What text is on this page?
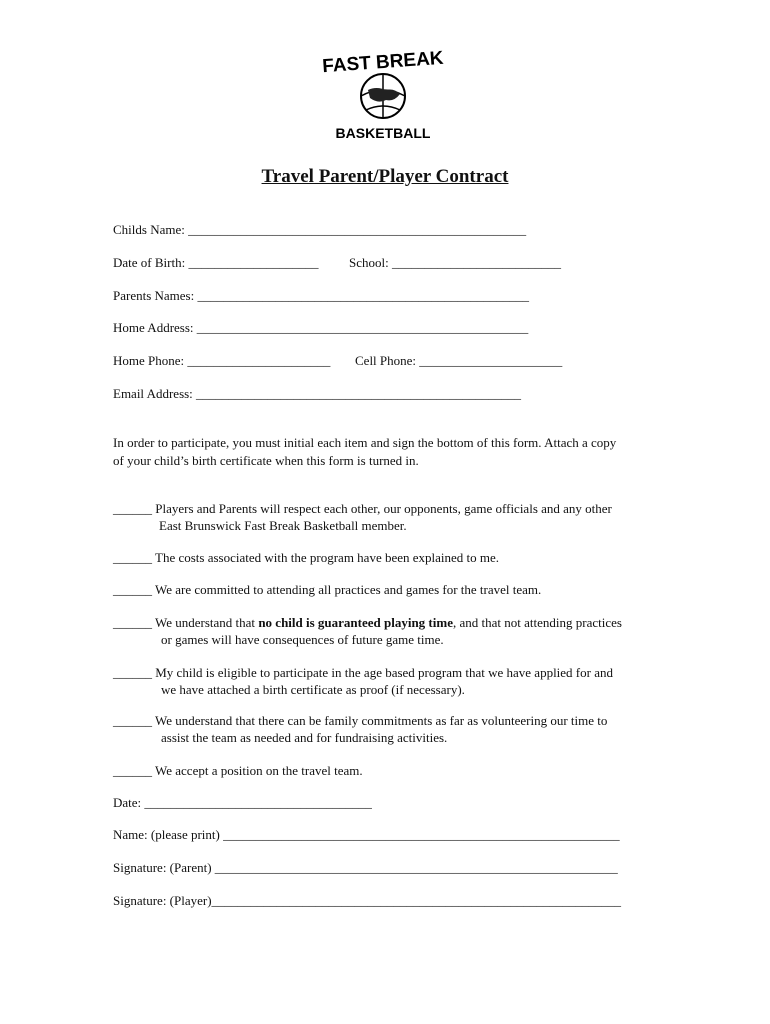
FAST BREAK
BASKETBALL
Travel Parent/Player Contract
Childs Name: ____________________________________________________
Date of Birth: ____________________ School: __________________________
Parents Names: ___________________________________________________
Home Address: ___________________________________________________
Home Phone: ______________________ Cell Phone: ______________________
Email Address: __________________________________________________
In order to participate, you must initial each item and sign the bottom of this form. Attach a copy
of your child’s birth certificate when this form is turned in.
______ Players and Parents will respect each other, our opponents, game officials and any other
East Brunswick Fast Break Basketball member.
______ The costs associated with the program have been explained to me.
______ We are committed to attending all practices and games for the travel team.
______ We understand that no child is guaranteed playing time, and that not attending practices
or games will have consequences of future game time.
______ My child is eligible to participate in the age based program that we have applied for and
we have attached a birth certificate as proof (if necessary).
______ We understand that there can be family commitments as far as volunteering our time to
assist the team as needed and for fundraising activities.
______ We accept a position on the travel team.
Date: ___________________________________
Name: (please print) _____________________________________________________________
Signature: (Parent) ______________________________________________________________
Signature: (Player)_______________________________________________________________
